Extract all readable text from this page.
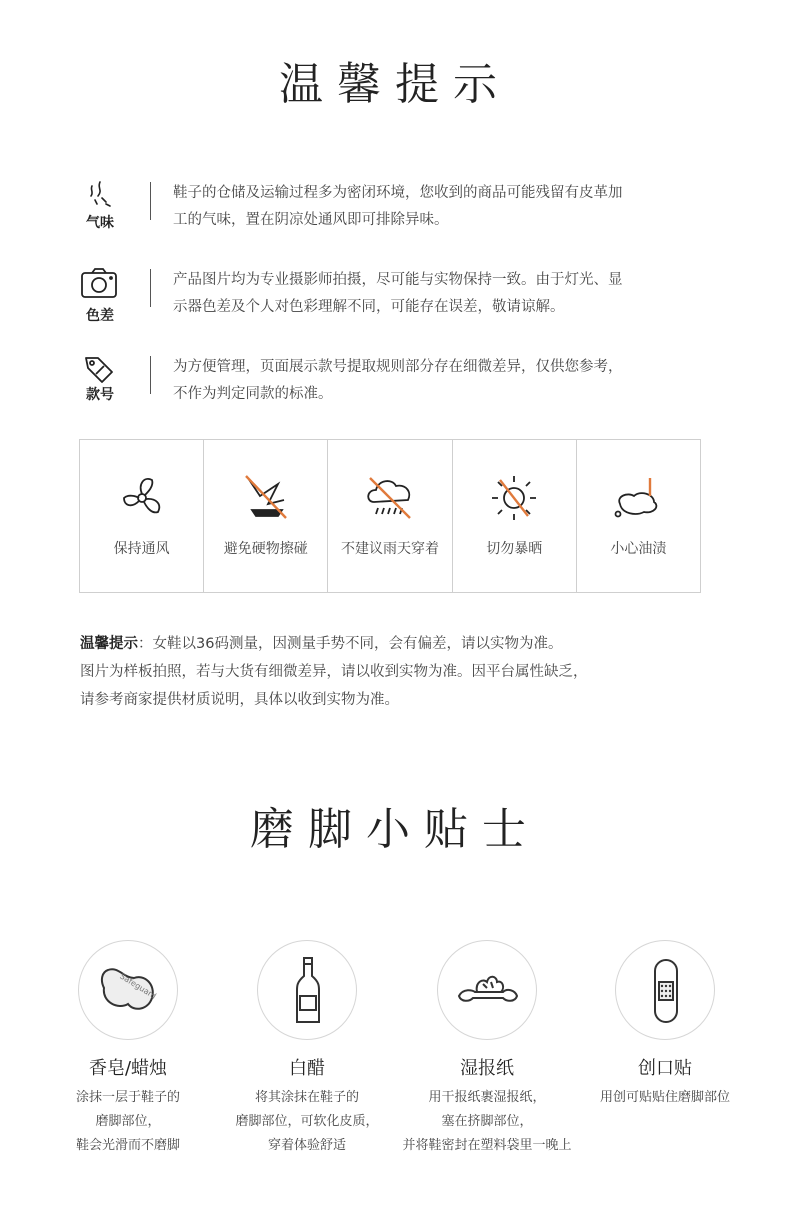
温馨提示
气味
鞋子的仓储及运输过程多为密闭环境，您收到的商品可能残留有皮革加
工的气味，置在阴凉处通风即可排除异味。
色差
产品图片均为专业摄影师拍摄，尽可能与实物保持一致。由于灯光、显
示器色差及个人对色彩理解不同，可能存在误差，敬请谅解。
款号
为方便管理，页面展示款号提取规则部分存在细微差异，仅供您参考，
不作为判定同款的标准。
保持通风	避免硬物擦碰	不建议雨天穿着	切勿暴晒	小心油渍
温馨提示：女鞋以36码测量，因测量手势不同，会有偏差，请以实物为准。
图片为样板拍照，若与大货有细微差异，请以收到实物为准。因平台属性缺乏，
请参考商家提供材质说明，具体以收到实物为准。
磨脚小贴士
Safeguard
香皂/蜡烛
涂抹一层于鞋子的
磨脚部位，
鞋会光滑而不磨脚
白醋
将其涂抹在鞋子的
磨脚部位，可软化皮质，
穿着体验舒适
湿报纸
用干报纸裹湿报纸，
塞在挤脚部位，
并将鞋密封在塑料袋里一晚上
创口贴
用创可贴贴住磨脚部位
